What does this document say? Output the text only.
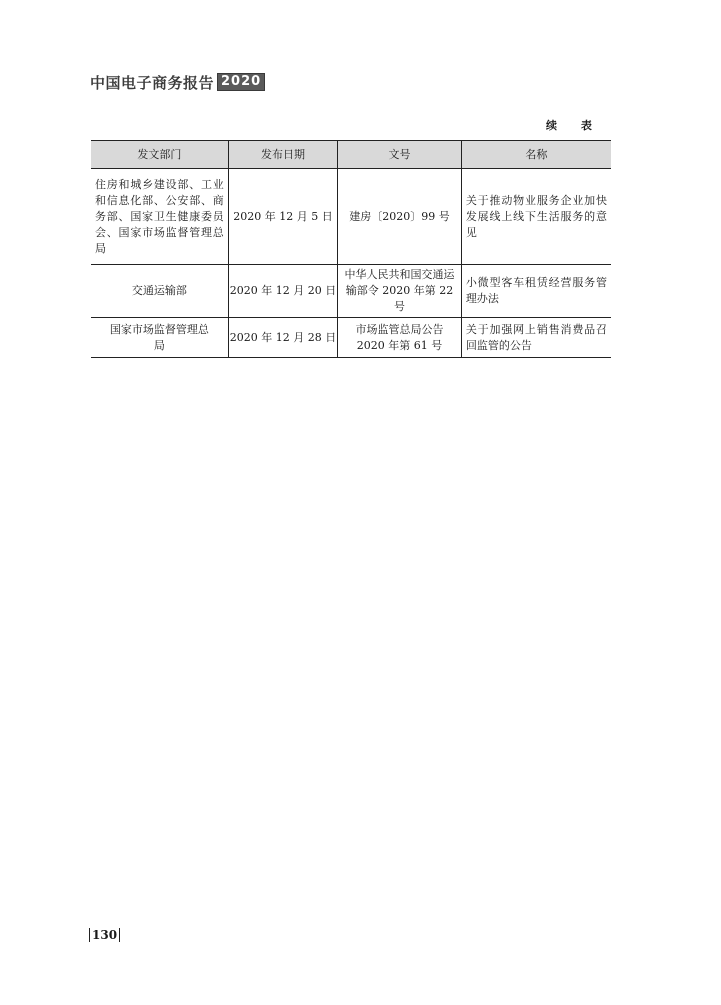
中国电子商务报告 2020
续 表
发文部门	发布日期	文号	名称
住房和城乡建设部、工业和信息化部、公安部、商务部、国家卫生健康委员会、国家市场监督管理总局	2020 年 12 月 5 日	建房〔2020〕99 号	关于推动物业服务企业加快发展线上线下生活服务的意见
交通运输部	2020 年 12 月 20 日	中华人民共和国交通运输部令 2020 年第 22 号	小微型客车租赁经营服务管理办法
国家市场监督管理总局	2020 年 12 月 28 日	市场监管总局公告 2020 年第 61 号	关于加强网上销售消费品召回监管的公告
130
